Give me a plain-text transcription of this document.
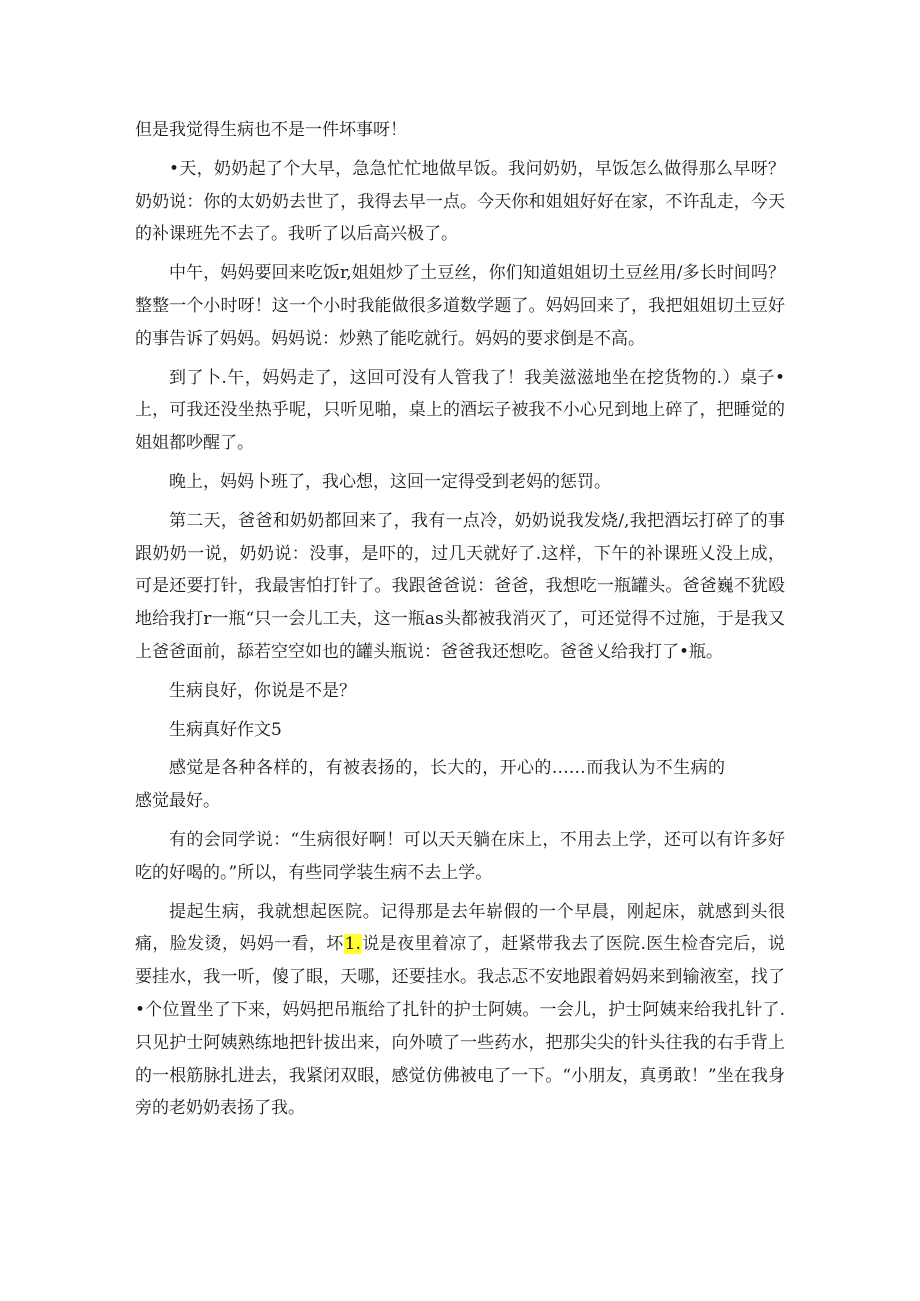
但是我觉得生病也不是一件坏事呀！

•天，奶奶起了个大早，急急忙忙地做早饭。我问奶奶，早饭怎么做得那么早呀？奶奶说：你的太奶奶去世了，我得去早一点。今天你和姐姐好好在家，不许乱走，今天的补课班先不去了。我听了以后高兴极了。

中午，妈妈要回来吃饭r,姐姐炒了土豆丝，你们知道姐姐切土豆丝用/多长时间吗？整整一个小时呀！这一个小时我能做很多道数学题了。妈妈回来了，我把姐姐切土豆好的事告诉了妈妈。妈妈说：炒熟了能吃就行。妈妈的要求倒是不高。

到了卜.午，妈妈走了，这回可没有人管我了！我美滋滋地坐在挖货物的.）桌子•上，可我还没坐热乎呢，只听见啪，桌上的酒坛子被我不小心兄到地上碎了，把睡觉的姐姐都吵醒了。

晚上，妈妈卜班了，我心想，这回一定得受到老妈的惩罚。

第二天，爸爸和奶奶都回来了，我有一点冷，奶奶说我发烧/,我把酒坛打碎了的事跟奶奶一说，奶奶说：没事，是吓的，过几天就好了.这样，下午的补课班乂没上成，可是还要打针，我最害怕打针了。我跟爸爸说：爸爸，我想吃一瓶罐头。爸爸巍不犹殴地给我打r一瓶“只一会儿工夫，这一瓶as头都被我消灭了，可还觉得不过施，于是我又上爸爸面前，舔若空空如也的罐头瓶说：爸爸我还想吃。爸爸乂给我打了•瓶。

生病良好，你说是不是？

生病真好作文5

感觉是各种各样的，有被表扬的，长大的，开心的……而我认为不生病的感觉最好。

有的会同学说：“生病很好啊！可以天天躺在床上，不用去上学，还可以有许多好吃的好喝的。”所以，有些同学装生病不去上学。

提起生病，我就想起医院。记得那是去年崭假的一个早晨，刚起床，就感到头很痛，脸发烫，妈妈一看，坏1.说是夜里着凉了，赶紧带我去了医院.医生检杳完后，说要挂水，我一听，傻了眼，天哪，还要挂水。我忐忑不安地跟着妈妈来到输液室，找了•个位置坐了下来，妈妈把吊瓶给了扎针的护士阿姨。一会儿，护士阿姨来给我扎针了.只见护士阿姨熟练地把针拔出来，向外喷了一些药水，把那尖尖的针头往我的右手背上的一根筋脉扎进去，我紧闭双眼，感觉仿佛被电了一下。“小朋友，真勇敢！”坐在我身旁的老奶奶表扬了我。
